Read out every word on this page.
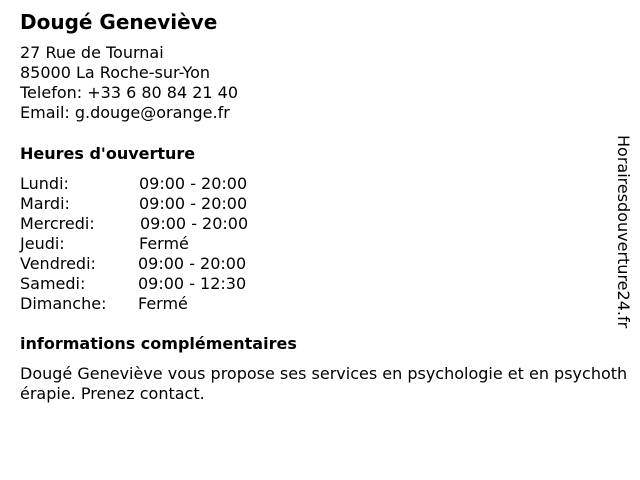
Dougé Geneviève
27 Rue de Tournai
85000 La Roche-sur-Yon
Telefon: +33 6 80 84 21 40
Email: g.douge@orange.fr
Heures d'ouverture
Lundi:	09:00 - 20:00
Mardi:	09:00 - 20:00
Mercredi:	09:00 - 20:00
Jeudi:	Fermé
Vendredi:	09:00 - 20:00
Samedi:	09:00 - 12:30
Dimanche: Fermé
informations complémentaires

Dougé Geneviève vous propose ses services en psychologie et en psychothérapie. Prenez contact.

Horairesdouverture24.fr
